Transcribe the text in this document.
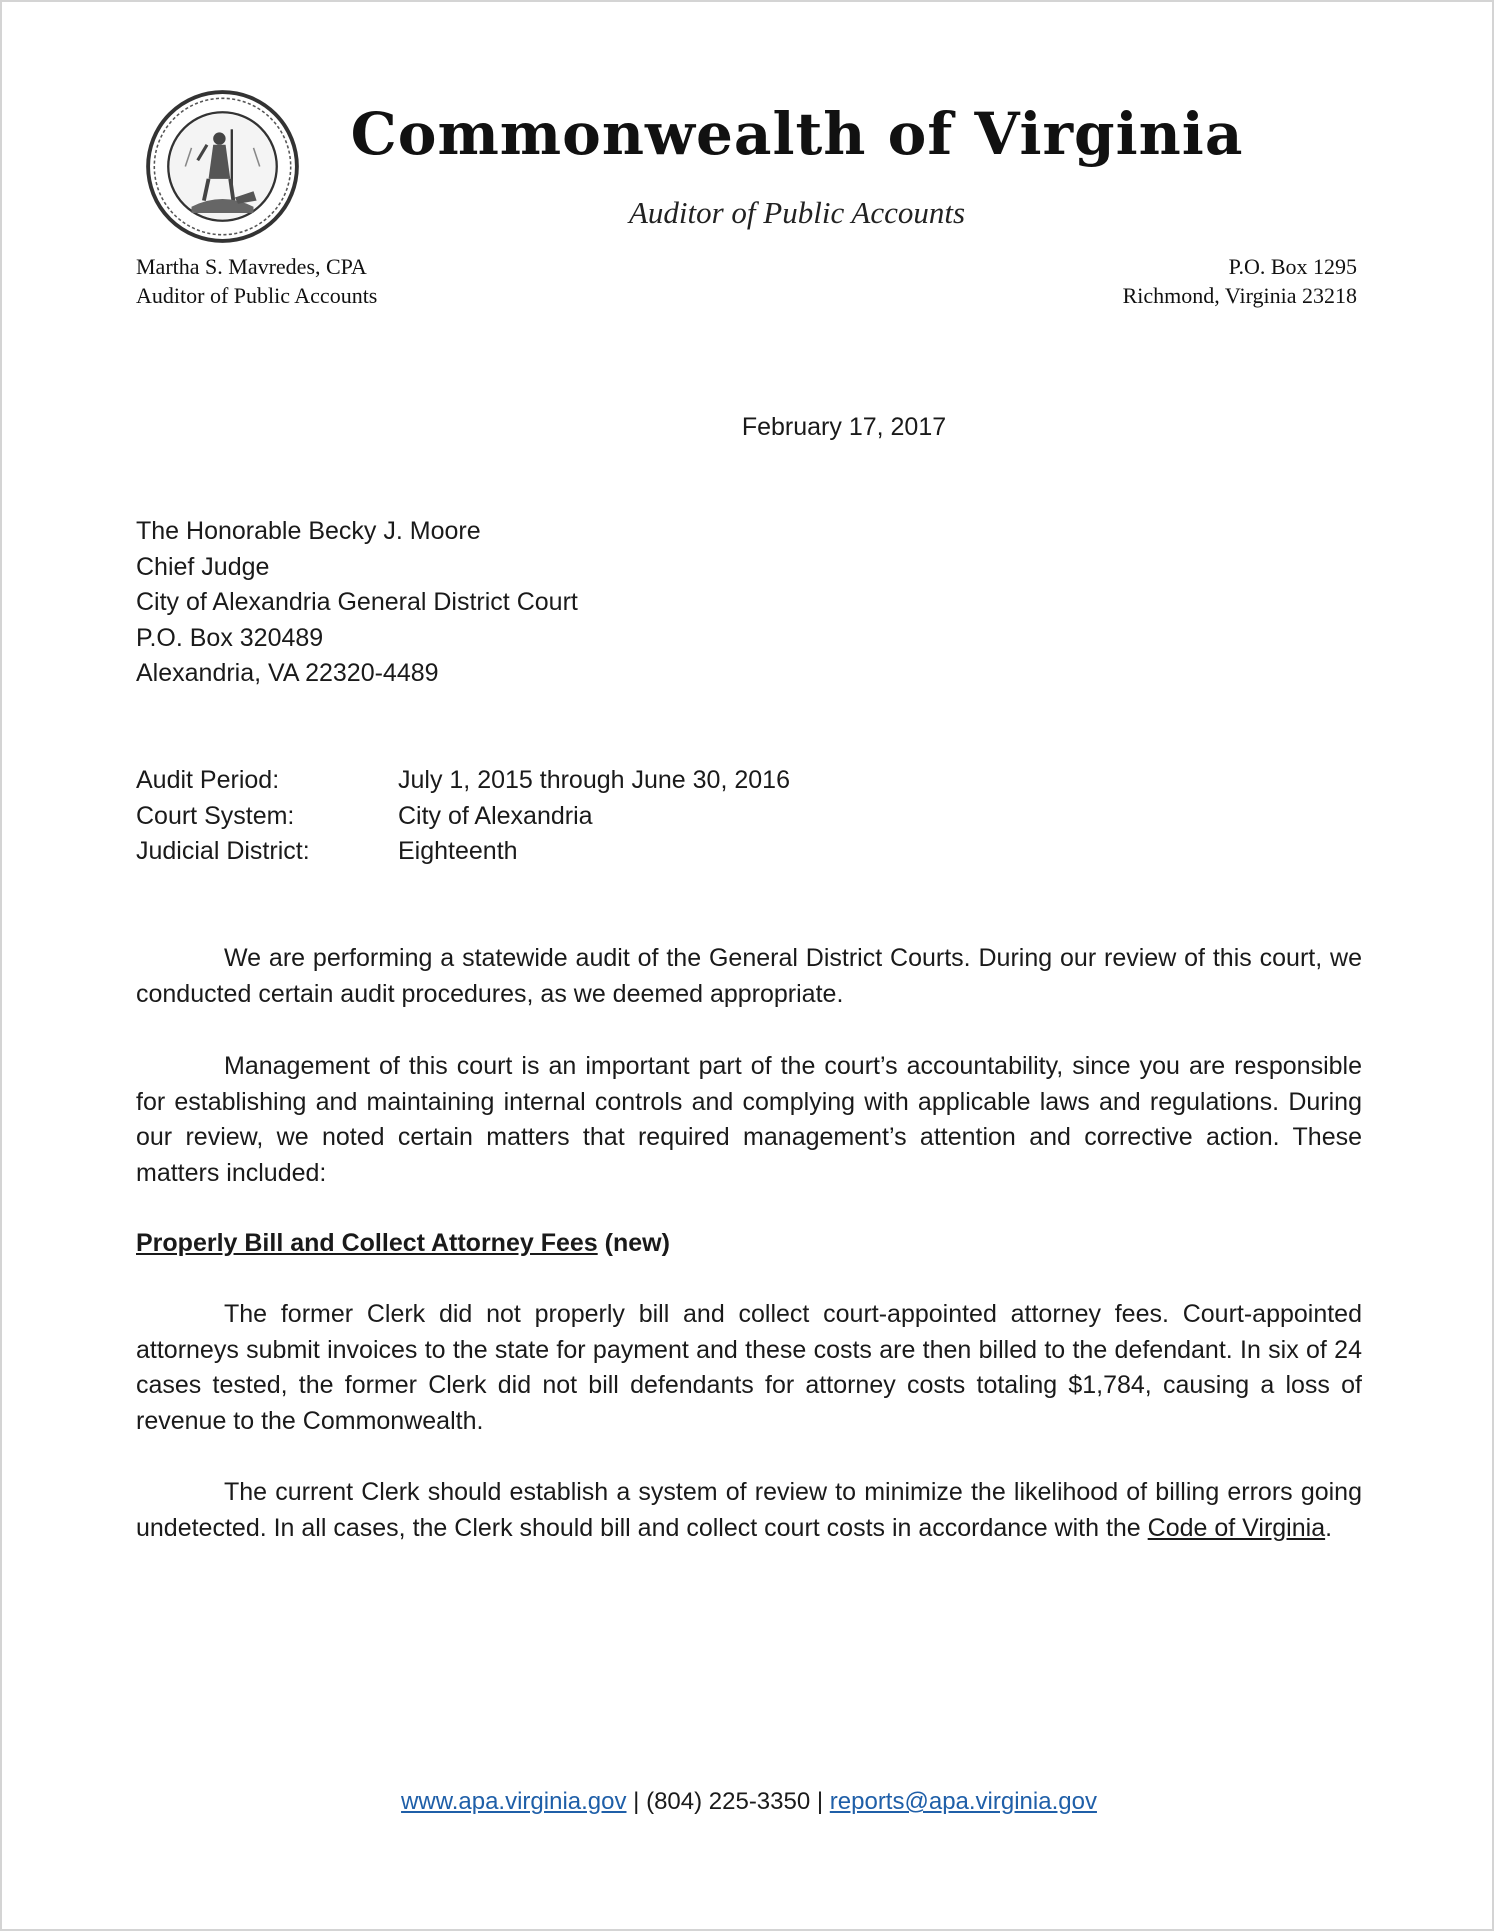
Commonwealth of Virginia
Auditor of Public Accounts
Martha S. Mavredes, CPA
Auditor of Public Accounts
P.O. Box 1295
Richmond, Virginia 23218
February 17, 2017
The Honorable Becky J. Moore
Chief Judge
City of Alexandria General District Court
P.O. Box 320489
Alexandria, VA 22320-4489
Audit Period:	July 1, 2015 through June 30, 2016
Court System:	City of Alexandria
Judicial District:	Eighteenth
We are performing a statewide audit of the General District Courts. During our review of this court, we conducted certain audit procedures, as we deemed appropriate.
Management of this court is an important part of the court’s accountability, since you are responsible for establishing and maintaining internal controls and complying with applicable laws and regulations. During our review, we noted certain matters that required management’s attention and corrective action. These matters included:
Properly Bill and Collect Attorney Fees (new)
The former Clerk did not properly bill and collect court-appointed attorney fees. Court-appointed attorneys submit invoices to the state for payment and these costs are then billed to the defendant. In six of 24 cases tested, the former Clerk did not bill defendants for attorney costs totaling $1,784, causing a loss of revenue to the Commonwealth.
The current Clerk should establish a system of review to minimize the likelihood of billing errors going undetected. In all cases, the Clerk should bill and collect court costs in accordance with the Code of Virginia.
www.apa.virginia.gov | (804) 225-3350 | reports@apa.virginia.gov
